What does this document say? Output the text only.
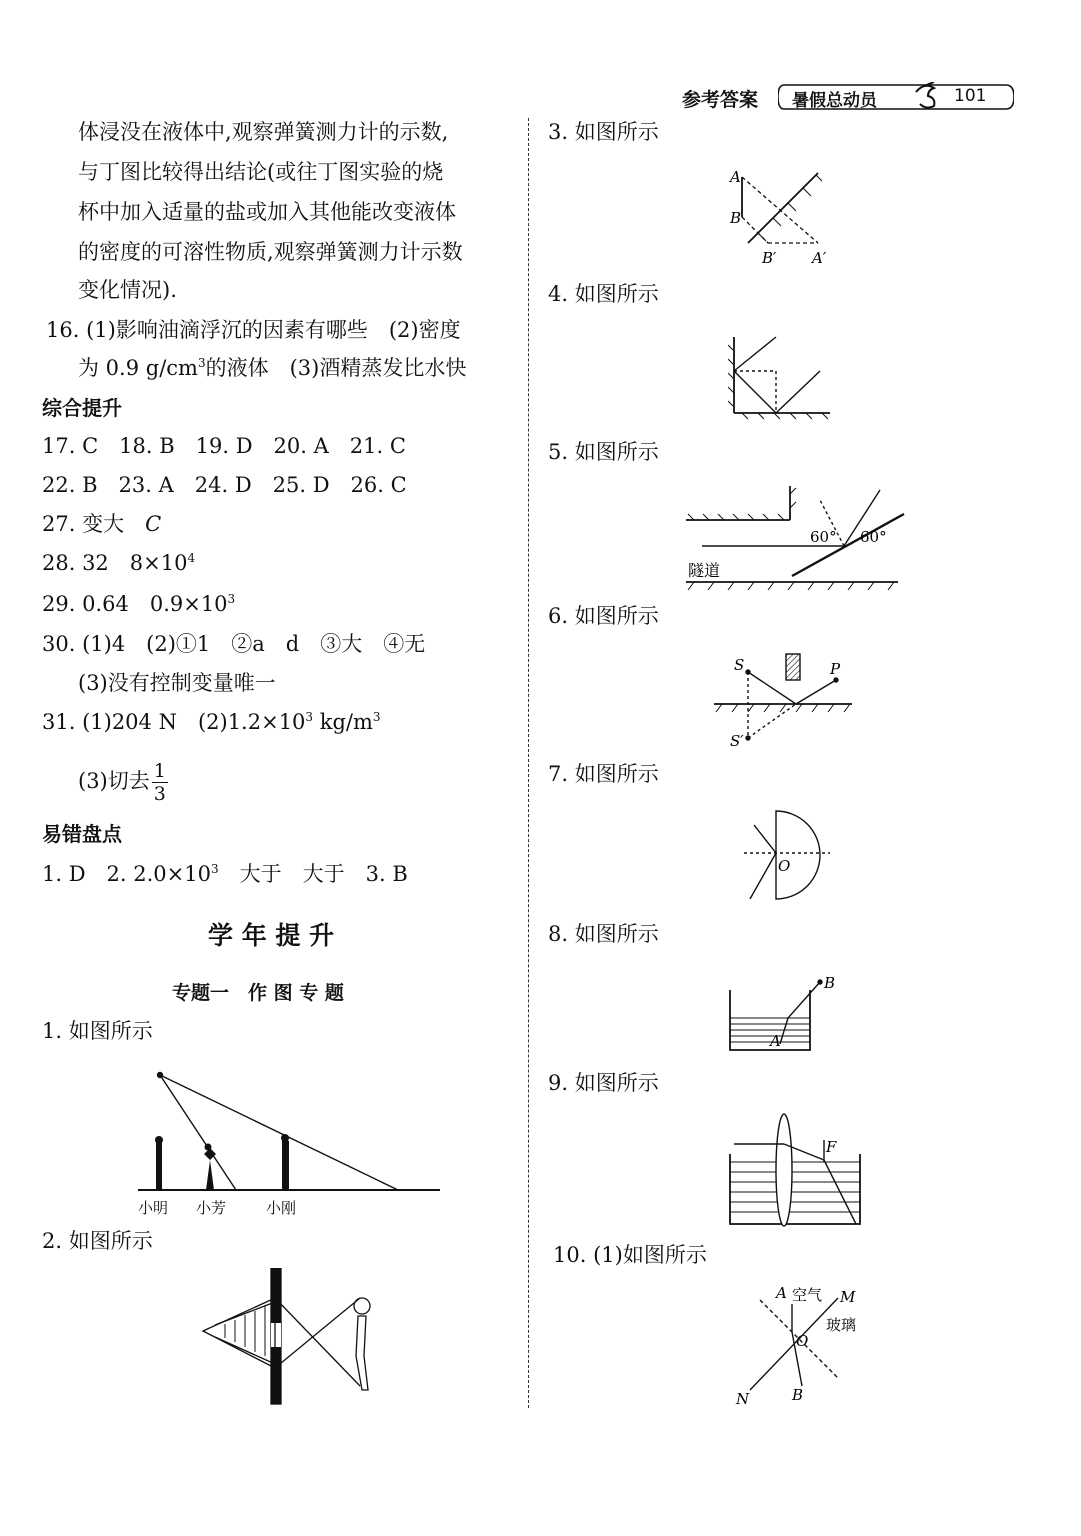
参考答案 暑假总动员	101
体浸没在液体中,观察弹簧测力计的示数,
与丁图比较得出结论(或往丁图实验的烧
杯中加入适量的盐或加入其他能改变液体
的密度的可溶性物质,观察弹簧测力计示数
变化情况).
16. (1)影响油滴浮沉的因素有哪些　(2)密度
为 0.9 $g/cm^3$的液体　(3)酒精蒸发比水快
综合提升
17. C　18. B　19. D　20. A　21. C
22. B　23. A　24. D　25. D　26. C
27. 变大　C
28. 32　$8\times 10^4$
29. 0.64　$0.9\times 10^3$
30. (1)4　(2)①1　②a　d　③大　④无
(3)没有控制变量唯一
31. (1)204 N　$(2)1.2\times 10^3$ $kg/m^3$
(3)切去 $\frac{1}{3}$
易错盘点
1. D　2. $2.0\times 10^3$　大于　大于　3. B
学 年 提 升
专题一　作 图 专 题
1. 如图所示
小明 小芳	小刚
2. 如图所示
3. 如图所示
A
B
B′ A′
4. 如图所示
5. 如图所示
60° 60°
隧道
6. 如图所示
S	P
S′
7. 如图所示
O
8. 如图所示
B
A
9. 如图所示
F
10. (1)如图所示
A 空气 M
玻璃
O
N	B
